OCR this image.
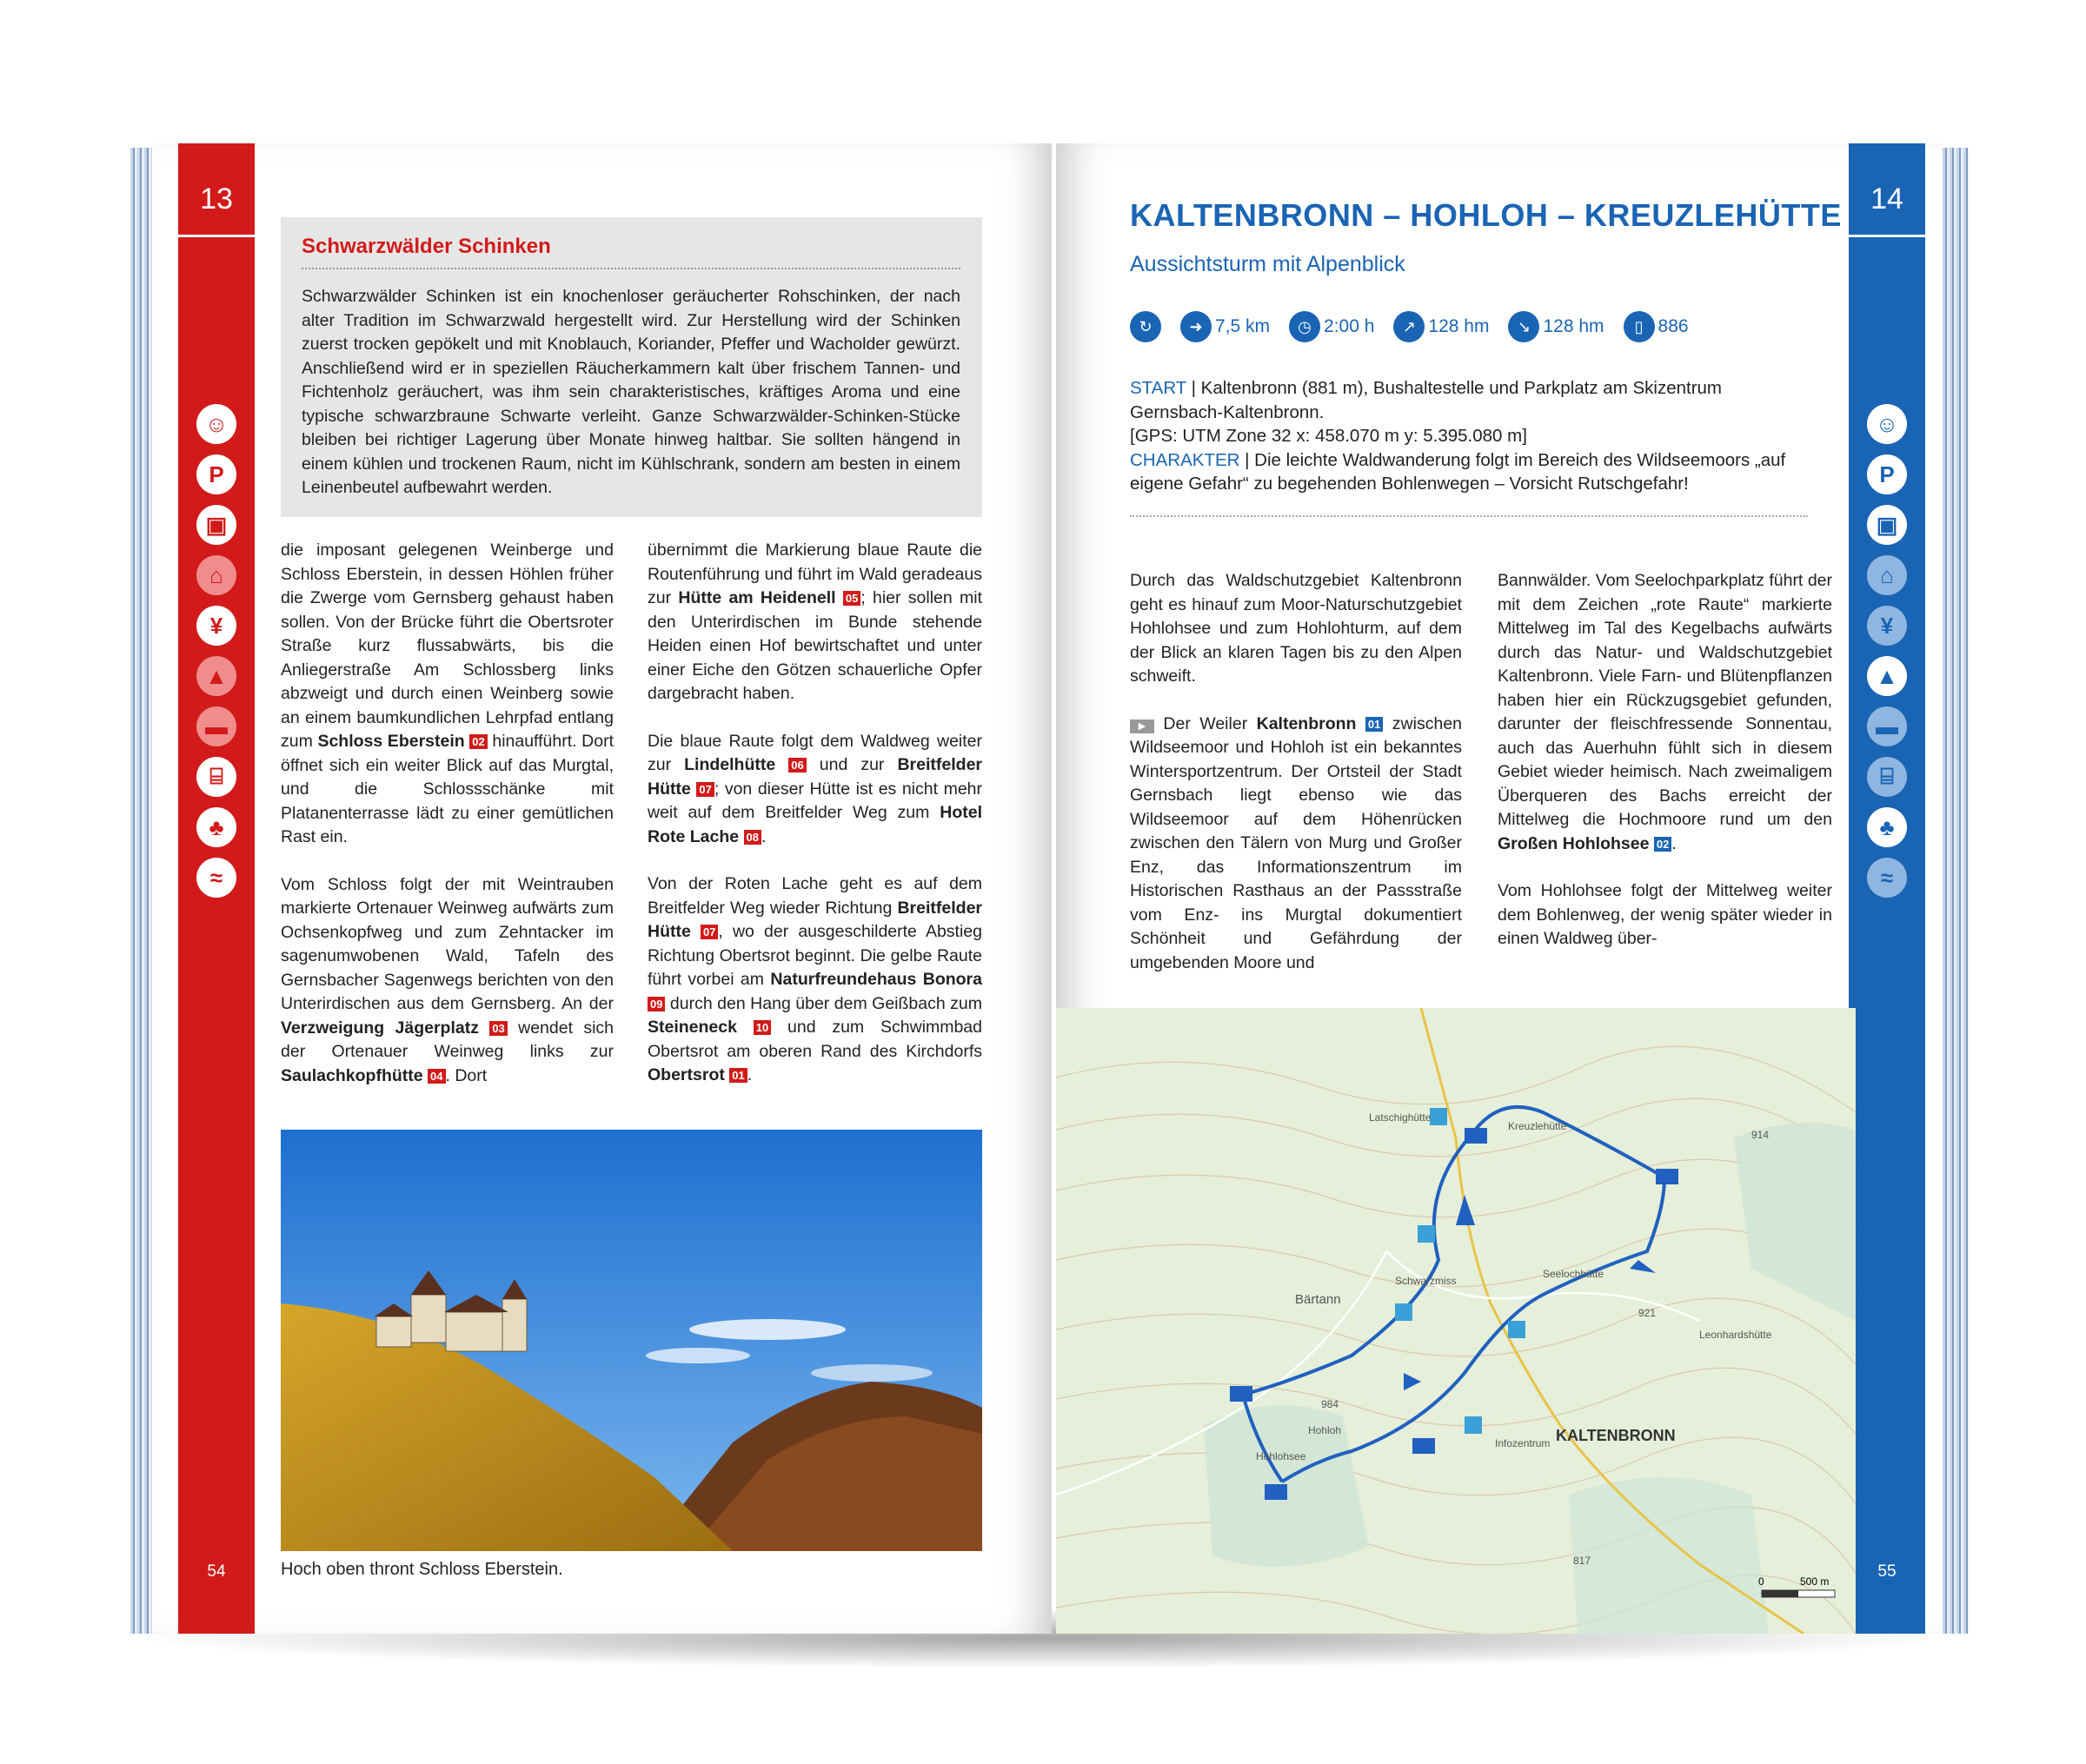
13
☺
P
▣
⌂
¥
▲
▬
⌸
♣
≈
54
Schwarzwälder Schinken
Schwarzwälder Schinken ist ein knochenloser geräucherter Rohschinken, der nach alter Tradition im Schwarzwald hergestellt wird. Zur Herstellung wird der Schinken zuerst trocken gepökelt und mit Knoblauch, Koriander, Pfeffer und Wacholder gewürzt. Anschließend wird er in speziellen Räucherkammern kalt über frischem Tannen- und Fichtenholz geräuchert, was ihm sein charakteristisches, kräftiges Aroma und eine typische schwarzbraune Schwarte verleiht. Ganze Schwarzwälder-Schinken-Stücke bleiben bei richtiger Lagerung über Monate hinweg haltbar. Sie sollten hängend in einem kühlen und trockenen Raum, nicht im Kühlschrank, sondern am besten in einem Leinenbeutel aufbewahrt werden.

die imposant gelegenen Weinberge und Schloss Eberstein, in dessen Höhlen früher die Zwerge vom Gernsberg gehaust haben sollen. Von der Brücke führt die Obertsroter Straße kurz flussabwärts, bis die Anliegerstraße Am Schlossberg links abzweigt und durch einen Weinberg sowie an einem baumkundlichen Lehrpfad entlang zum Schloss Eberstein 02 hinaufführt. Dort öffnet sich ein weiter Blick auf das Murgtal, und die Schlossschänke mit Platanenterrasse lädt zu einer gemütlichen Rast ein.

Vom Schloss folgt der mit Weintrauben markierte Ortenauer Weinweg aufwärts zum Ochsenkopfweg und zum Zehntacker im sagenumwobenen Wald, Tafeln des Gernsbacher Sagenwegs berichten von den Unterirdischen aus dem Gernsberg. An der Verzweigung Jägerplatz 03 wendet sich der Ortenauer Weinweg links zur Saulachkopfhütte 04 . Dort

übernimmt die Markierung blaue Raute die Routenführung und führt im Wald geradeaus zur Hütte am Heidenell 05 ; hier sollen mit den Unterirdischen im Bunde stehende Heiden einen Hof bewirtschaftet und unter einer Eiche den Götzen schauerliche Opfer dargebracht haben.

Die blaue Raute folgt dem Waldweg weiter zur Lindelhütte 06 und zur Breitfelder Hütte 07 ; von dieser Hütte ist es nicht mehr weit auf dem Breitfelder Weg zum Hotel Rote Lache 08 .

Von der Roten Lache geht es auf dem Breitfelder Weg wieder Richtung Breitfelder Hütte 07 , wo der ausgeschilderte Abstieg Richtung Obertsrot beginnt. Die gelbe Raute führt vorbei am Naturfreundehaus Bonora 09 durch den Hang über dem Geißbach zum Steineneck 10 und zum Schwimmbad Obertsrot am oberen Rand des Kirchdorfs Obertsrot 01 .

Hoch oben thront Schloss Eberstein.
14
☺
P
▣
⌂
¥
▲
▬
⌸
♣
≈
55
KALTENBRONN – HOHLOH – KREUZLEHÜTTE
Aussichtsturm mit Alpenblick
↻	➜ 7,5 km	◷ 2:00 h	↗ 128 hm	↘ 128 hm	▯ 886
START | Kaltenbronn (881 m), Bushaltestelle und Parkplatz am Skizentrum Gernsbach-Kaltenbronn.
[GPS: UTM Zone 32 x: 458.070 m y: 5.395.080 m]
CHARAKTER | Die leichte Waldwanderung folgt im Bereich des Wildseemoors „auf eigene Gefahr“ zu begehenden Bohlenwegen – Vorsicht Rutschgefahr!

Durch das Waldschutzgebiet Kaltenbronn geht es hinauf zum Moor-Naturschutzgebiet Hohlohsee und zum Hohlohturm, auf dem der Blick an klaren Tagen bis zu den Alpen schweift.

▶ Der Weiler Kaltenbronn 01 zwischen Wildseemoor und Hohloh ist ein bekanntes Wintersportzentrum. Der Ortsteil der Stadt Gernsbach liegt ebenso wie das Wildseemoor auf dem Höhenrücken zwischen den Tälern von Murg und Großer Enz, das Informationszentrum im Historischen Rasthaus an der Passstraße vom Enz- ins Murgtal dokumentiert Schönheit und Gefährdung der umgebenden Moore und

Bannwälder. Vom Seelochparkplatz führt der mit dem Zeichen „rote Raute“ markierte Mittelweg im Tal des Kegelbachs aufwärts durch das Natur- und Waldschutzgebiet Kaltenbronn. Viele Farn- und Blütenpflanzen haben hier ein Rückzugsgebiet gefunden, darunter der fleischfressende Sonnentau, auch das Auerhuhn fühlt sich in diesem Gebiet wieder heimisch. Nach zweimaligem Überqueren des Bachs erreicht der Mittelweg die Hochmoore rund um den Großen Hohlohsee 02 .

Vom Hohlohsee folgt der Mittelweg weiter dem Bohlenweg, der wenig später wieder in einen Waldweg über-

KALTENBRONN
Schwarzmiss
Seelochhütte
Hohlohsee
Kreuzlehütte
Bärtann
Leonhardshütte
Hohloh
Infozentrum
Latschighütte
914
921
984
817
0	500 m
